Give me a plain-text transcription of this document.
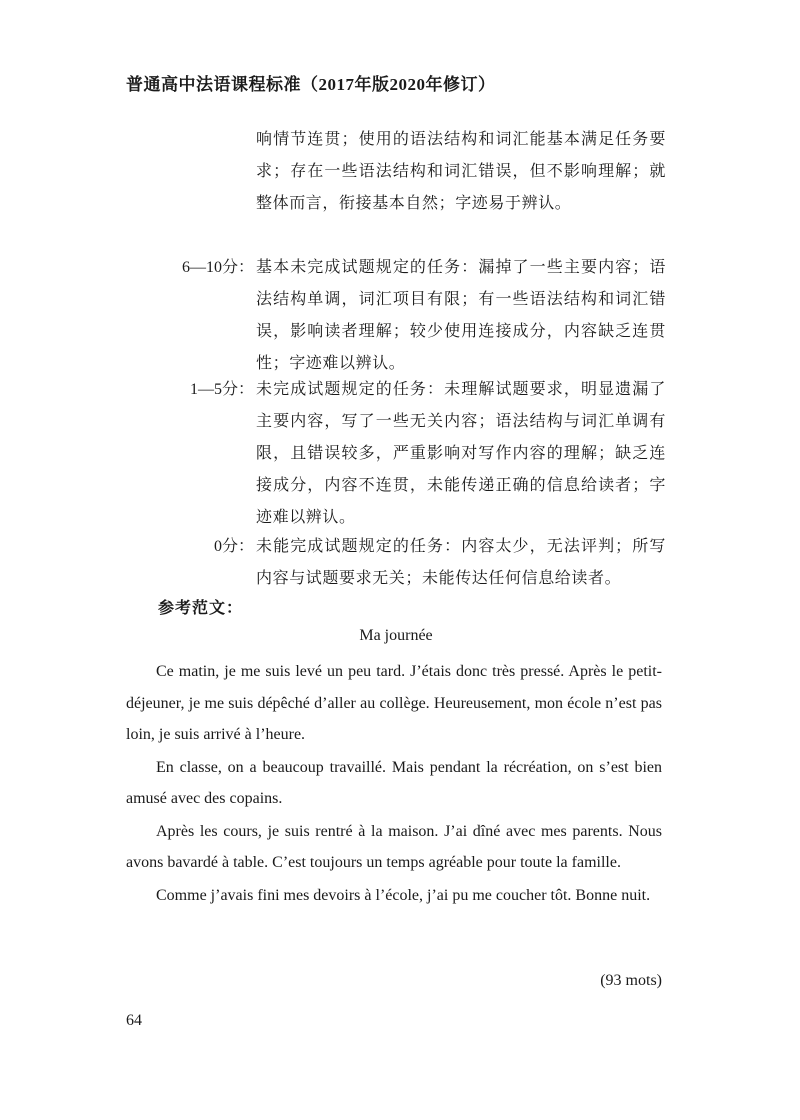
普通高中法语课程标准（2017年版2020年修订）
响情节连贯；使用的语法结构和词汇能基本满足任务要求；存在一些语法结构和词汇错误，但不影响理解；就整体而言，衔接基本自然；字迹易于辨认。
6—10分： 基本未完成试题规定的任务：漏掉了一些主要内容；语法结构单调，词汇项目有限；有一些语法结构和词汇错误，影响读者理解；较少使用连接成分，内容缺乏连贯性；字迹难以辨认。
1—5分： 未完成试题规定的任务：未理解试题要求，明显遗漏了主要内容，写了一些无关内容；语法结构与词汇单调有限，且错误较多，严重影响对写作内容的理解；缺乏连接成分，内容不连贯，未能传递正确的信息给读者；字迹难以辨认。
0分： 未能完成试题规定的任务：内容太少，无法评判；所写内容与试题要求无关；未能传达任何信息给读者。
参考范文：
Ma journée

Ce matin, je me suis levé un peu tard. J’étais donc très pressé. Après le petit-déjeuner, je me suis dépêché d’aller au collège. Heureusement, mon école n’est pas loin, je suis arrivé à l’heure.

En classe, on a beaucoup travaillé. Mais pendant la récréation, on s’est bien amusé avec des copains.

Après les cours, je suis rentré à la maison. J’ai dîné avec mes parents. Nous avons bavardé à table. C’est toujours un temps agréable pour toute la famille.

Comme j’avais fini mes devoirs à l’école, j’ai pu me coucher tôt. Bonne nuit.

(93 mots)
64
